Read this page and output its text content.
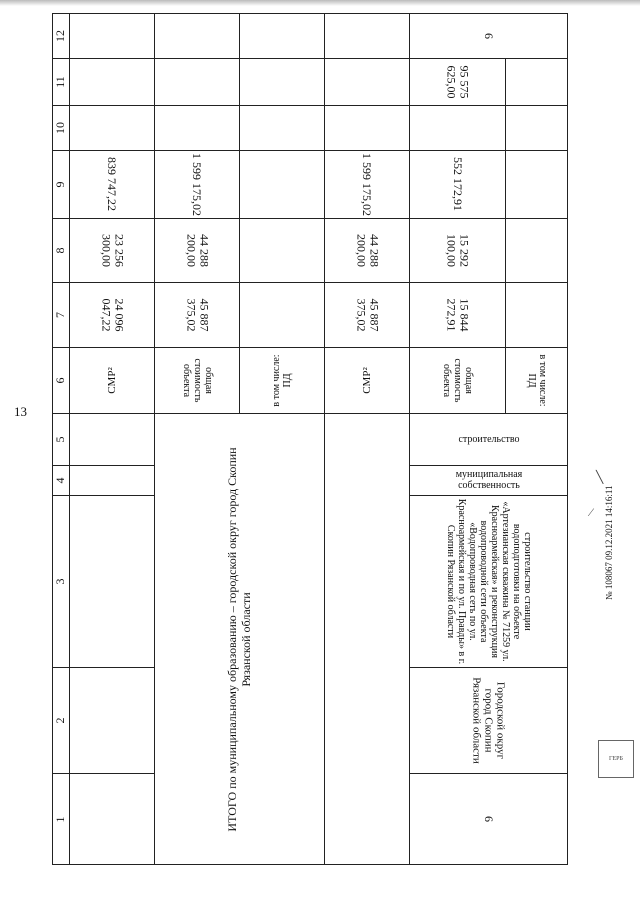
13
1
2
3
4
5
6
7
8
9
10
11
12
СМР²
24 096 047,22
23 256 300,00
839 747,22
ИТОГО по муниципальному образованию – городской округ город Скопин Рязанской области
общая стоимость объекта
45 887 375,02
44 288 200,00
1 599 175,02
в том числе: ПД	СМР²
45 887 375,02
44 288 200,00
1 599 175,02
6
Городской округ город Скопин Рязанской области
строительство станции водоподготовки на объекте «Артезианская скважина № 71259 ул. Красноармейская» и реконструкция водопроводной сети объекта «Водопроводная сеть по ул. Красноармейская и по ул. Правды» в г. Скопин Рязанской области
муниципальная собственность
строительство
общая стоимость объекта
15 844 272,91
15 292 100,00
552 172,91
95 575 625,00
6
в том числе: ПД
№ 108067 09.12.2021 14:16:11
ГЕРБ
╲
⁄
